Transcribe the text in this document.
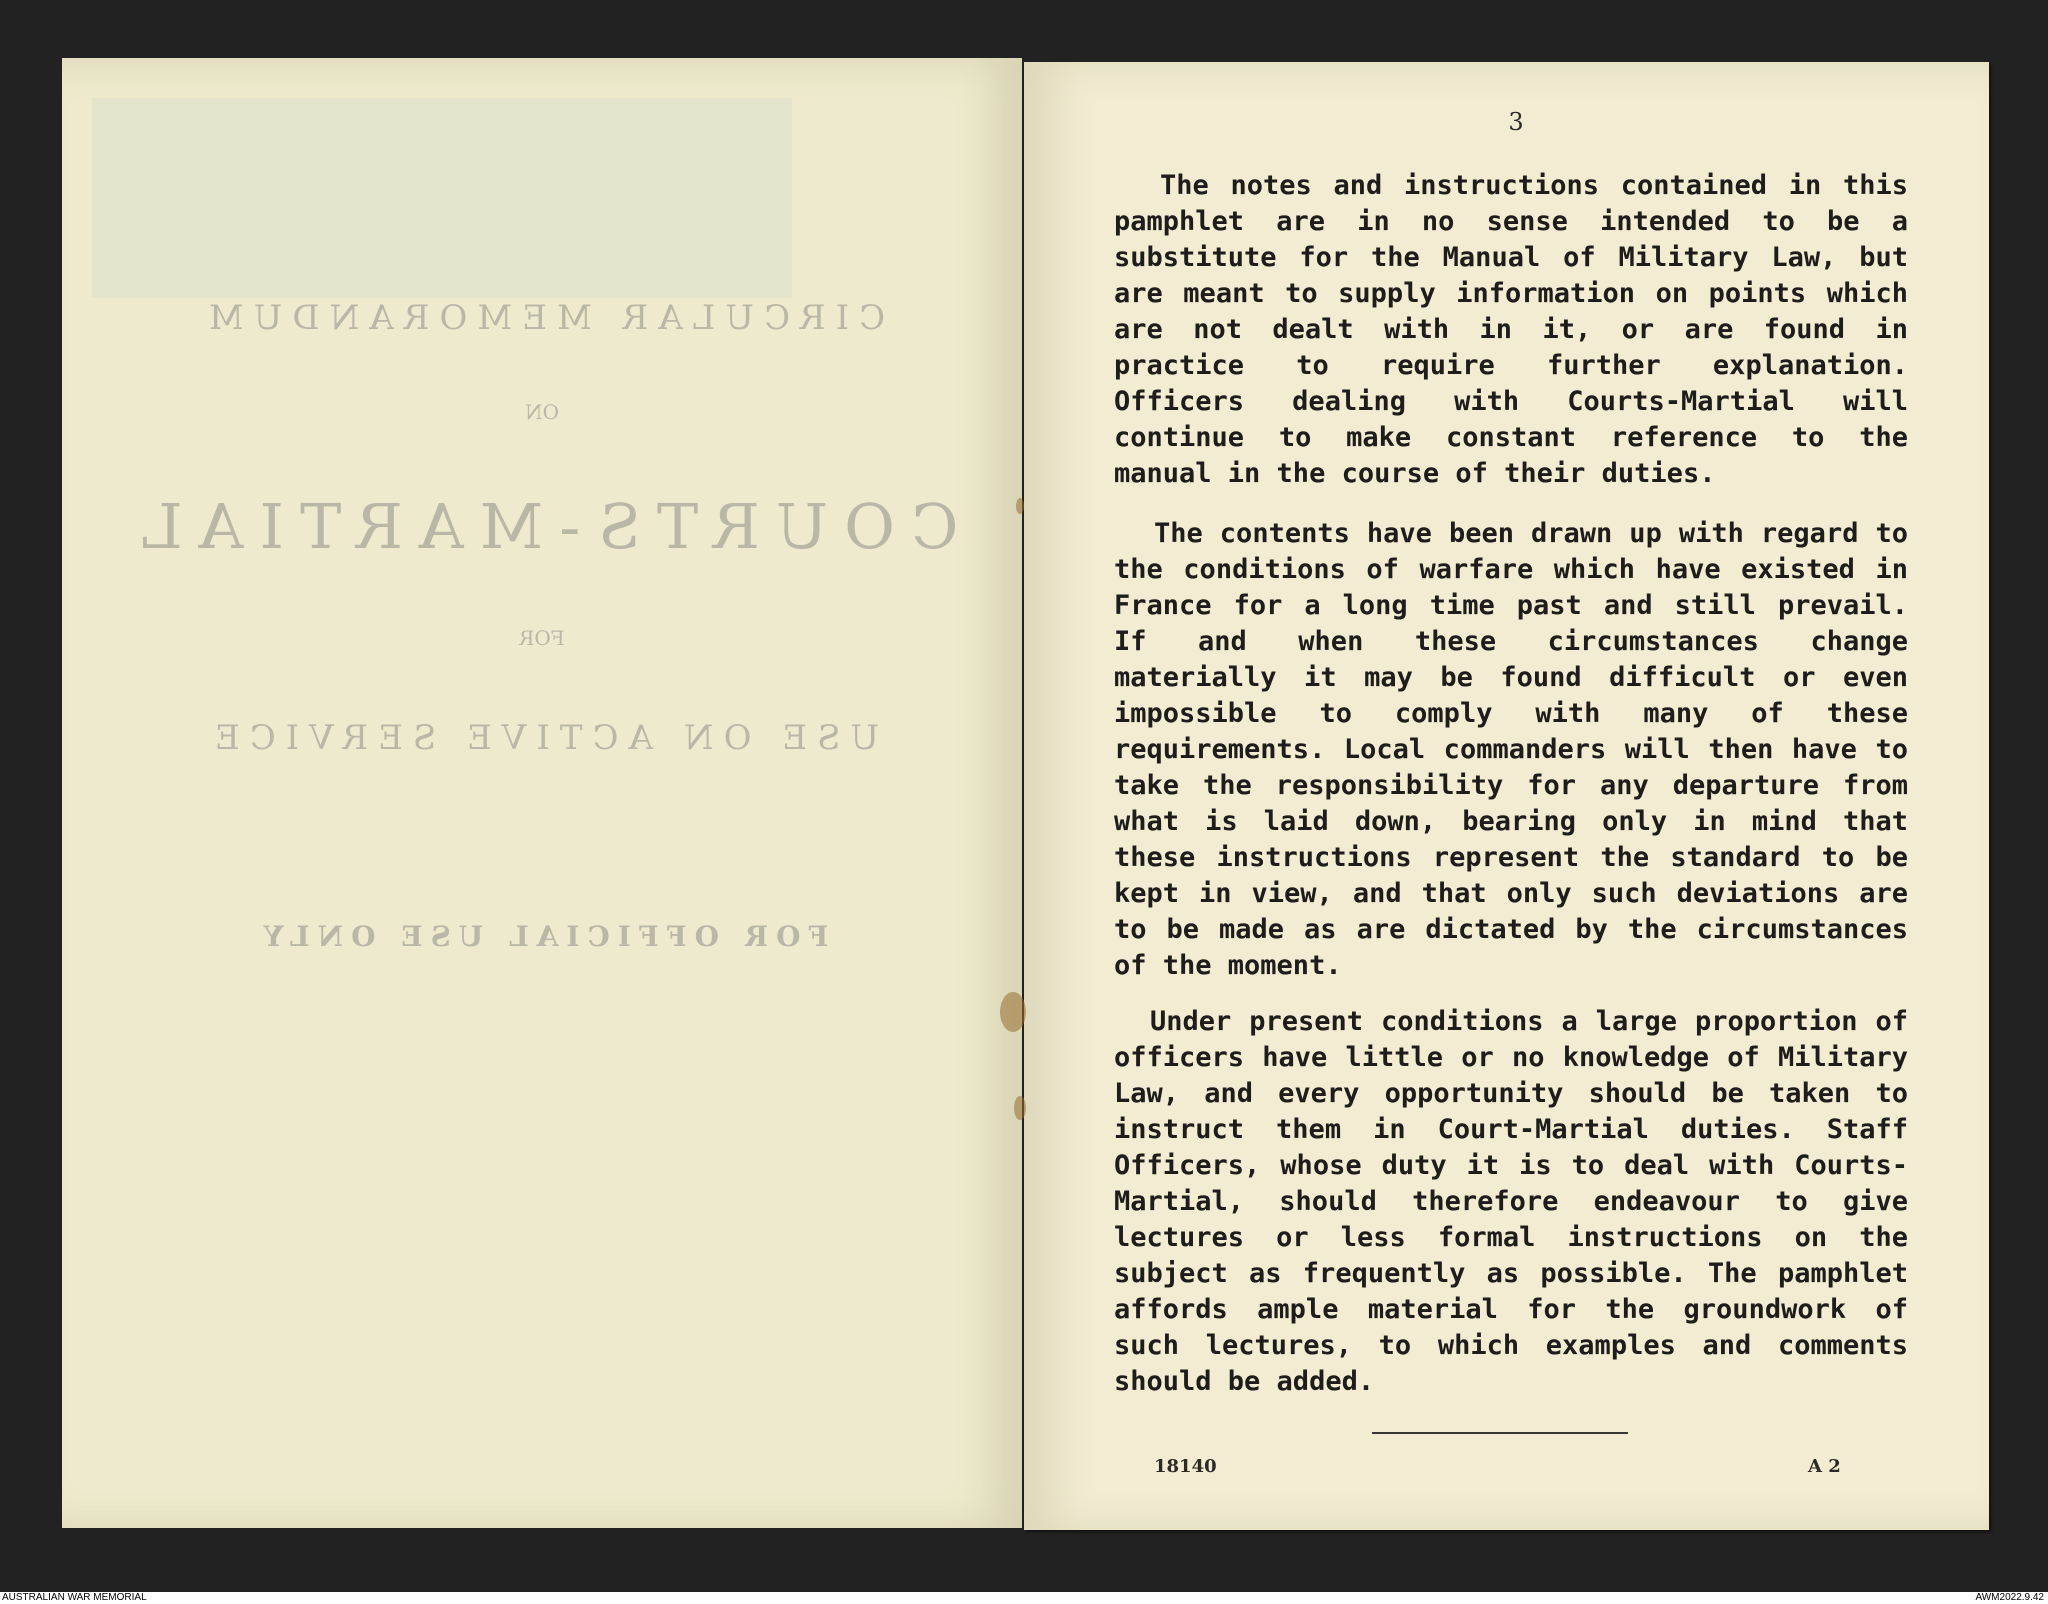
CIRCULAR MEMORANDUM
ON
COURTS-MARTIAL
FOR
USE ON ACTIVE SERVICE
FOR OFFICIAL USE ONLY
3
The notes and instructions contained in this pamphlet are in no sense intended to be a substitute for the Manual of Military Law, but are meant to supply information on points which are not dealt with in it, or are found in practice to require further explanation. Officers dealing with Courts-Martial will continue to make constant reference to the manual in the course of their duties.
The contents have been drawn up with regard to the conditions of warfare which have existed in France for a long time past and still prevail. If and when these circumstances change materially it may be found difficult or even impossible to comply with many of these requirements. Local commanders will then have to take the responsibility for any departure from what is laid down, bearing only in mind that these instructions represent the standard to be kept in view, and that only such deviations are to be made as are dictated by the circumstances of the moment.
Under present conditions a large proportion of officers have little or no knowledge of Military Law, and every opportunity should be taken to instruct them in Court-Martial duties. Staff Officers, whose duty it is to deal with Courts-Martial, should therefore endeavour to give lectures or less formal instructions on the subject as frequently as possible. The pamphlet affords ample material for the groundwork of such lectures, to which examples and comments should be added.
18140	A 2
AUSTRALIAN WAR MEMORIAL	AWM2022.9.42
